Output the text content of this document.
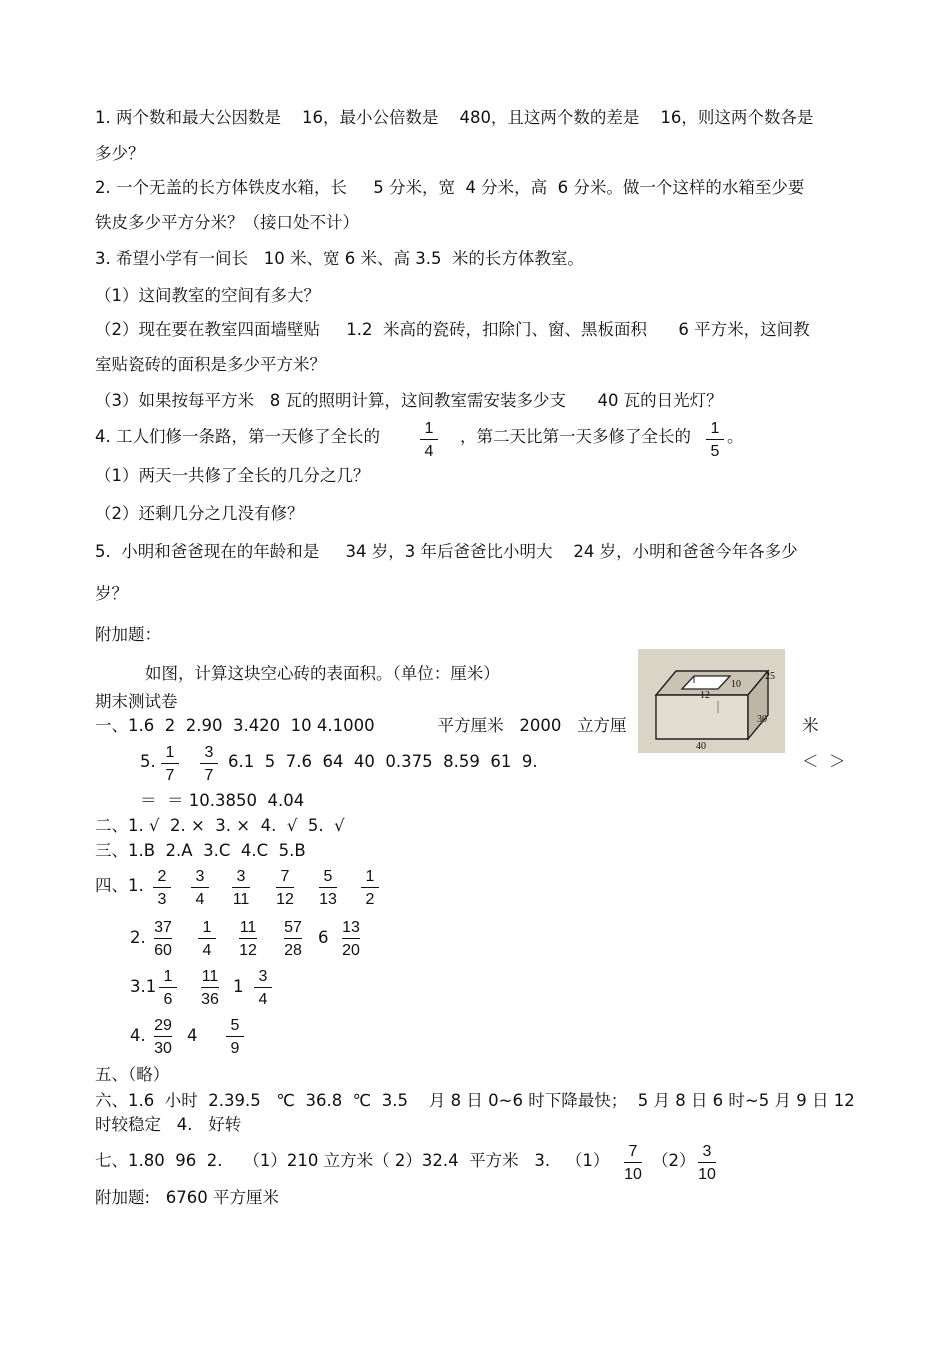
1. 两个数和最大公因数是    16，最小公倍数是    480，且这两个数的差是    16，则这两个数各是
多少？
2. 一个无盖的长方体铁皮水箱，长     5 分米，宽  4 分米，高  6 分米。做一个这样的水箱至少要
铁皮多少平方分米？（接口处不计）
3. 希望小学有一间长   10 米、宽 6 米、高 3.5  米的长方体教室。
（1）这间教室的空间有多大？
（2）现在要在教室四面墙壁贴     1.2  米高的瓷砖，扣除门、窗、黑板面积      6 平方米，这间教
室贴瓷砖的面积是多少平方米？
（3）如果按每平方米   8 瓦的照明计算，这间教室需安装多少支      40 瓦的日光灯？
4. 工人们修一条路，第一天修了全长的	，第二天比第一天多修了全长的 。
（1）两天一共修了全长的几分之几？
（2）还剩几分之几没有修？
5.  小明和爸爸现在的年龄和是     34 岁，3 年后爸爸比小明大    24 岁，小明和爸爸今年各多少
岁？
附加题：
如图，计算这块空心砖的表面积。（单位：厘米）
期末测试卷
一、1.6  2  2.90  3.420  10 4.1000            平方厘米   2000   立方厘	米
5.	6.1  5  7.6  64  40  0.375  8.59  61  9.	＜  ＞
＝  ＝ 10.3850  4.04
二、1. √  2. ×  3. ×  4.  √  5.  √
三、1.B  2.A  3.C  4.C  5.B
四、1.
2.	6
3.1	1
4.	4
五、（略）
六、1.6  小时  2.39.5   ℃  36.8  ℃  3.5    月 8 日 0~6 时下降最快；  5 月 8 日 6 时~5 月 9 日 12
时较稳定   4.   好转
七、1.80  96  2.    （1）210 立方米（ 2）32.4  平方米   3.   （1）	（2）
附加题:   6760 平方厘米
1
4
1
5
1
7
3
7
2
3
3
4
3
11
7
12
5
13
1
2
37
60
1
4
11
12
57
28
13
20
1
6
11
36
3
4
29
30
5
9
7
10
3
10
10
12
25
30
40
